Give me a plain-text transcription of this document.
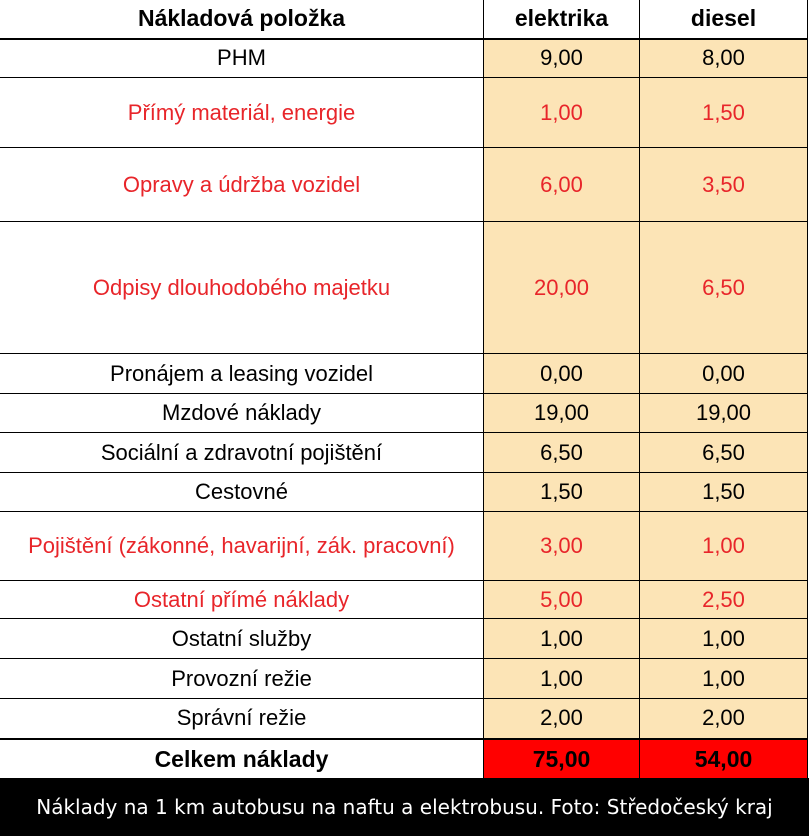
Nákladová položka	elektrika	diesel
PHM	9,00	8,00
Přímý materiál, energie	1,00	1,50
Opravy a údržba vozidel	6,00	3,50
Odpisy dlouhodobého majetku	20,00	6,50
Pronájem a leasing vozidel	0,00	0,00
Mzdové náklady	19,00	19,00
Sociální a zdravotní pojištění	6,50	6,50
Cestovné	1,50	1,50
Pojištění (zákonné, havarijní, zák. pracovní)	3,00	1,00
Ostatní přímé náklady	5,00	2,50
Ostatní služby	1,00	1,00
Provozní režie	1,00	1,00
Správní režie	2,00	2,00
Celkem náklady	75,00	54,00
Náklady na 1 km autobusu na naftu a elektrobusu. Foto: Středočeský kraj
